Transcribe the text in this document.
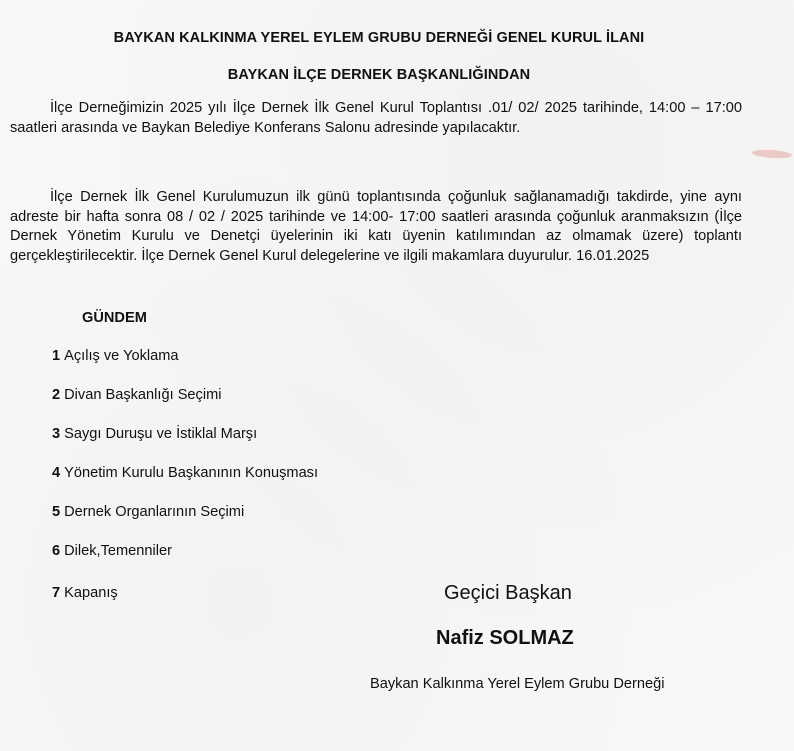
BAYKAN KALKINMA YEREL EYLEM GRUBU DERNEĞİ GENEL KURUL İLANI
BAYKAN İLÇE DERNEK BAŞKANLIĞINDAN
İlçe Derneğimizin 2025 yılı İlçe Dernek İlk Genel Kurul Toplantısı .01/ 02/ 2025 tarihinde, 14:00 – 17:00 saatleri arasında ve Baykan Belediye Konferans Salonu adresinde yapılacaktır.
İlçe Dernek İlk Genel Kurulumuzun ilk günü toplantısında çoğunluk sağlanamadığı takdirde, yine aynı adreste bir hafta sonra 08 / 02 / 2025 tarihinde ve 14:00- 17:00 saatleri arasında çoğunluk aranmaksızın (İlçe Dernek Yönetim Kurulu ve Denetçi üyelerinin iki katı üyenin katılımından az olmamak üzere) toplantı gerçekleştirilecektir. İlçe Dernek Genel Kurul delegelerine ve ilgili makamlara duyurulur. 16.01.2025
GÜNDEM
1 Açılış ve Yoklama
2 Divan Başkanlığı Seçimi
3 Saygı Duruşu ve İstiklal Marşı
4 Yönetim Kurulu Başkanının Konuşması
5 Dernek Organlarının Seçimi
6 Dilek,Temenniler
7 Kapanış	Geçici Başkan
Nafiz SOLMAZ
Baykan Kalkınma Yerel Eylem Grubu Derneği
